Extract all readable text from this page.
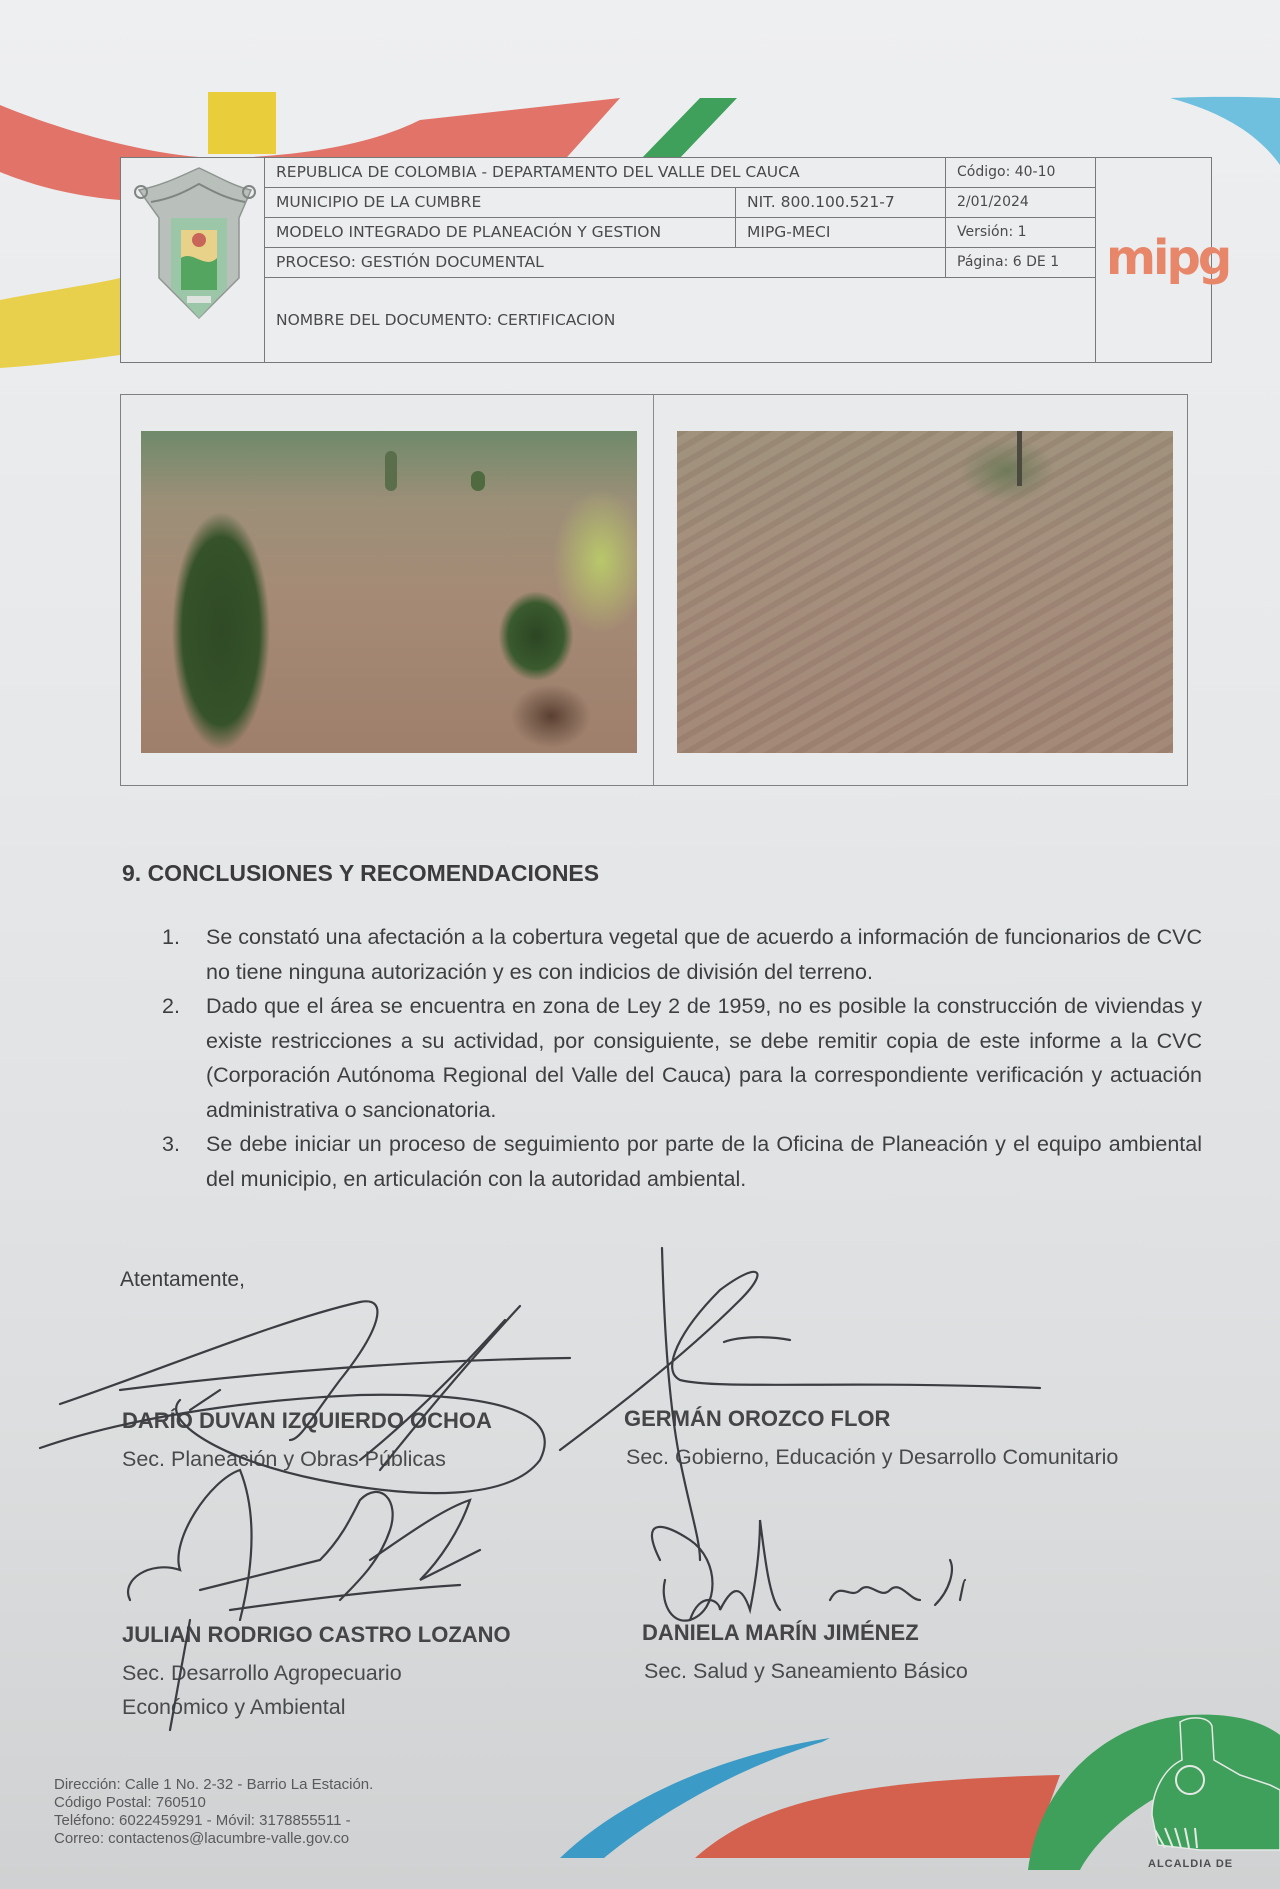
REPUBLICA DE COLOMBIA - DEPARTAMENTO DEL VALLE DEL CAUCA	Código: 40-10
MUNICIPIO DE LA CUMBRE	NIT. 800.100.521-7	2/01/2024
MODELO INTEGRADO DE PLANEACIÓN Y GESTION	MIPG-MECI	Versión: 1
PROCESO: GESTIÓN DOCUMENTAL	Página: 6 DE 1
NOMBRE DEL DOCUMENTO: CERTIFICACION
mipg
9. CONCLUSIONES Y RECOMENDACIONES
1. Se constató una afectación a la cobertura vegetal que de acuerdo a información de funcionarios de CVC no tiene ninguna autorización y es con indicios de división del terreno.
2. Dado que el área se encuentra en zona de Ley 2 de 1959, no es posible la construcción de viviendas y existe restricciones a su actividad, por consiguiente, se debe remitir copia de este informe a la CVC (Corporación Autónoma Regional del Valle del Cauca) para la correspondiente verificación y actuación administrativa o sancionatoria.
3. Se debe iniciar un proceso de seguimiento por parte de la Oficina de Planeación y el equipo ambiental del municipio, en articulación con la autoridad ambiental.
Atentamente,
DARÍO DUVAN IZQUIERDO OCHOA
Sec. Planeación y Obras Públicas
GERMÁN OROZCO FLOR
Sec. Gobierno, Educación y Desarrollo Comunitario
JULIAN RODRIGO CASTRO LOZANO
Sec. Desarrollo Agropecuario
Económico y Ambiental
DANIELA MARÍN JIMÉNEZ
Sec. Salud y Saneamiento Básico
ALCALDIA DE
Dirección: Calle 1 No. 2-32 - Barrio La Estación.
Código Postal: 760510
Teléfono: 6022459291 - Móvil: 3178855511 -
Correo: contactenos@lacumbre-valle.gov.co
